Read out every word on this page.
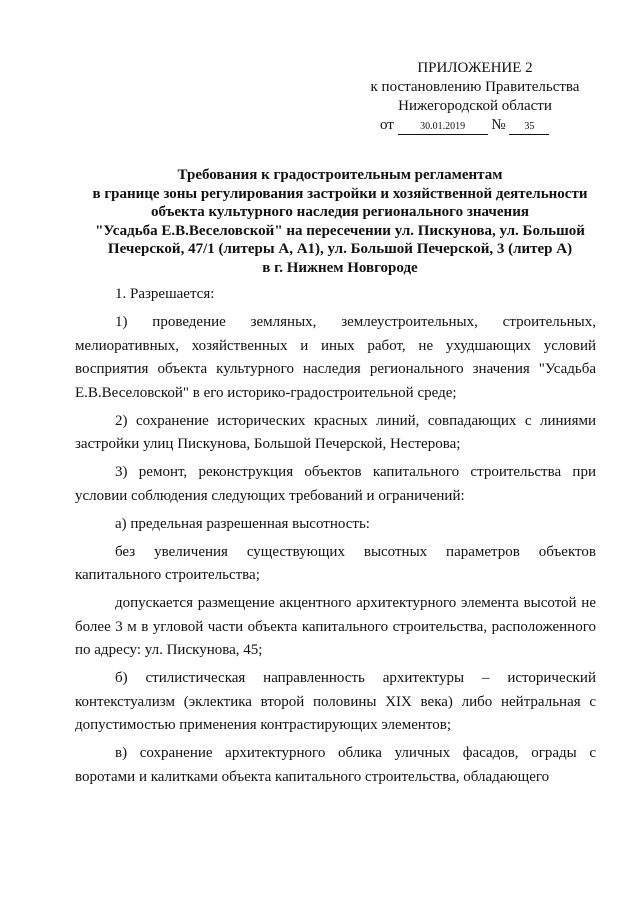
ПРИЛОЖЕНИЕ 2
к постановлению Правительства
Нижегородской области
от	30.01.2019 № 35
Требования к градостроительным регламентам
в границе зоны регулирования застройки и хозяйственной деятельности
объекта культурного наследия регионального значения
"Усадьба Е.В.Веселовской" на пересечении ул. Пискунова, ул. Большой
Печерской, 47/1 (литеры А, А1), ул. Большой Печерской, 3 (литер А)
в г. Нижнем Новгороде

1. Разрешается:

1) проведение земляных, землеустроительных, строительных, мелиоративных, хозяйственных и иных работ, не ухудшающих условий восприятия объекта культурного наследия регионального значения "Усадьба Е.В.Веселовской" в его историко-градостроительной среде;

2) сохранение исторических красных линий, совпадающих с линиями застройки улиц Пискунова, Большой Печерской, Нестерова;

3) ремонт, реконструкция объектов капитального строительства при условии соблюдения следующих требований и ограничений:

а) предельная разрешенная высотность:

без увеличения существующих высотных параметров объектов капитального строительства;

допускается размещение акцентного архитектурного элемента высотой не более 3 м в угловой части объекта капитального строительства, расположенного по адресу: ул. Пискунова, 45;

б) стилистическая направленность архитектуры – исторический контекстуализм (эклектика второй половины XIX века) либо нейтральная с допустимостью применения контрастирующих элементов;

в) сохранение архитектурного облика уличных фасадов, ограды с воротами и калитками объекта капитального строительства, обладающего
